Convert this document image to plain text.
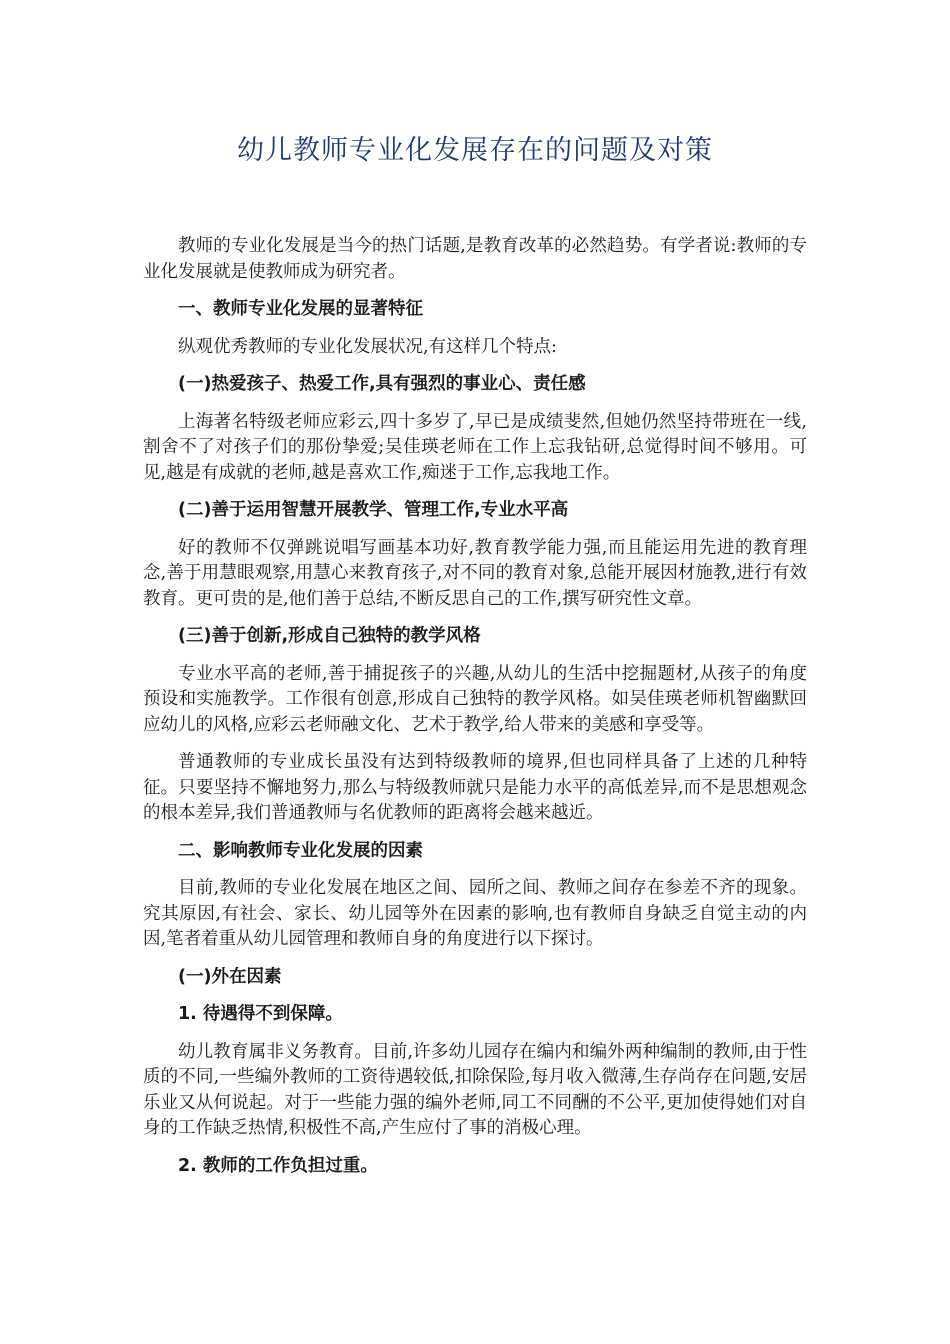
幼儿教师专业化发展存在的问题及对策

教师的专业化发展是当今的热门话题,是教育改革的必然趋势。有学者说:教师的专业化发展就是使教师成为研究者。

一、教师专业化发展的显著特征

纵观优秀教师的专业化发展状况,有这样几个特点:

(一)热爱孩子、热爱工作,具有强烈的事业心、责任感

上海著名特级老师应彩云,四十多岁了,早已是成绩斐然,但她仍然坚持带班在一线,割舍不了对孩子们的那份挚爱;吴佳瑛老师在工作上忘我钻研,总觉得时间不够用。可见,越是有成就的老师,越是喜欢工作,痴迷于工作,忘我地工作。

(二)善于运用智慧开展教学、管理工作,专业水平高

好的教师不仅弹跳说唱写画基本功好,教育教学能力强,而且能运用先进的教育理念,善于用慧眼观察,用慧心来教育孩子,对不同的教育对象,总能开展因材施教,进行有效教育。更可贵的是,他们善于总结,不断反思自己的工作,撰写研究性文章。

(三)善于创新,形成自己独特的教学风格

专业水平高的老师,善于捕捉孩子的兴趣,从幼儿的生活中挖掘题材,从孩子的角度预设和实施教学。工作很有创意,形成自己独特的教学风格。如吴佳瑛老师机智幽默回应幼儿的风格,应彩云老师融文化、艺术于教学,给人带来的美感和享受等。

普通教师的专业成长虽没有达到特级教师的境界,但也同样具备了上述的几种特征。只要坚持不懈地努力,那么与特级教师就只是能力水平的高低差异,而不是思想观念的根本差异,我们普通教师与名优教师的距离将会越来越近。

二、影响教师专业化发展的因素

目前,教师的专业化发展在地区之间、园所之间、教师之间存在参差不齐的现象。究其原因,有社会、家长、幼儿园等外在因素的影响,也有教师自身缺乏自觉主动的内因,笔者着重从幼儿园管理和教师自身的角度进行以下探讨。

(一)外在因素

1. 待遇得不到保障。

幼儿教育属非义务教育。目前,许多幼儿园存在编内和编外两种编制的教师,由于性质的不同,一些编外教师的工资待遇较低,扣除保险,每月收入微薄,生存尚存在问题,安居乐业又从何说起。对于一些能力强的编外老师,同工不同酬的不公平,更加使得她们对自身的工作缺乏热情,积极性不高,产生应付了事的消极心理。

2. 教师的工作负担过重。
